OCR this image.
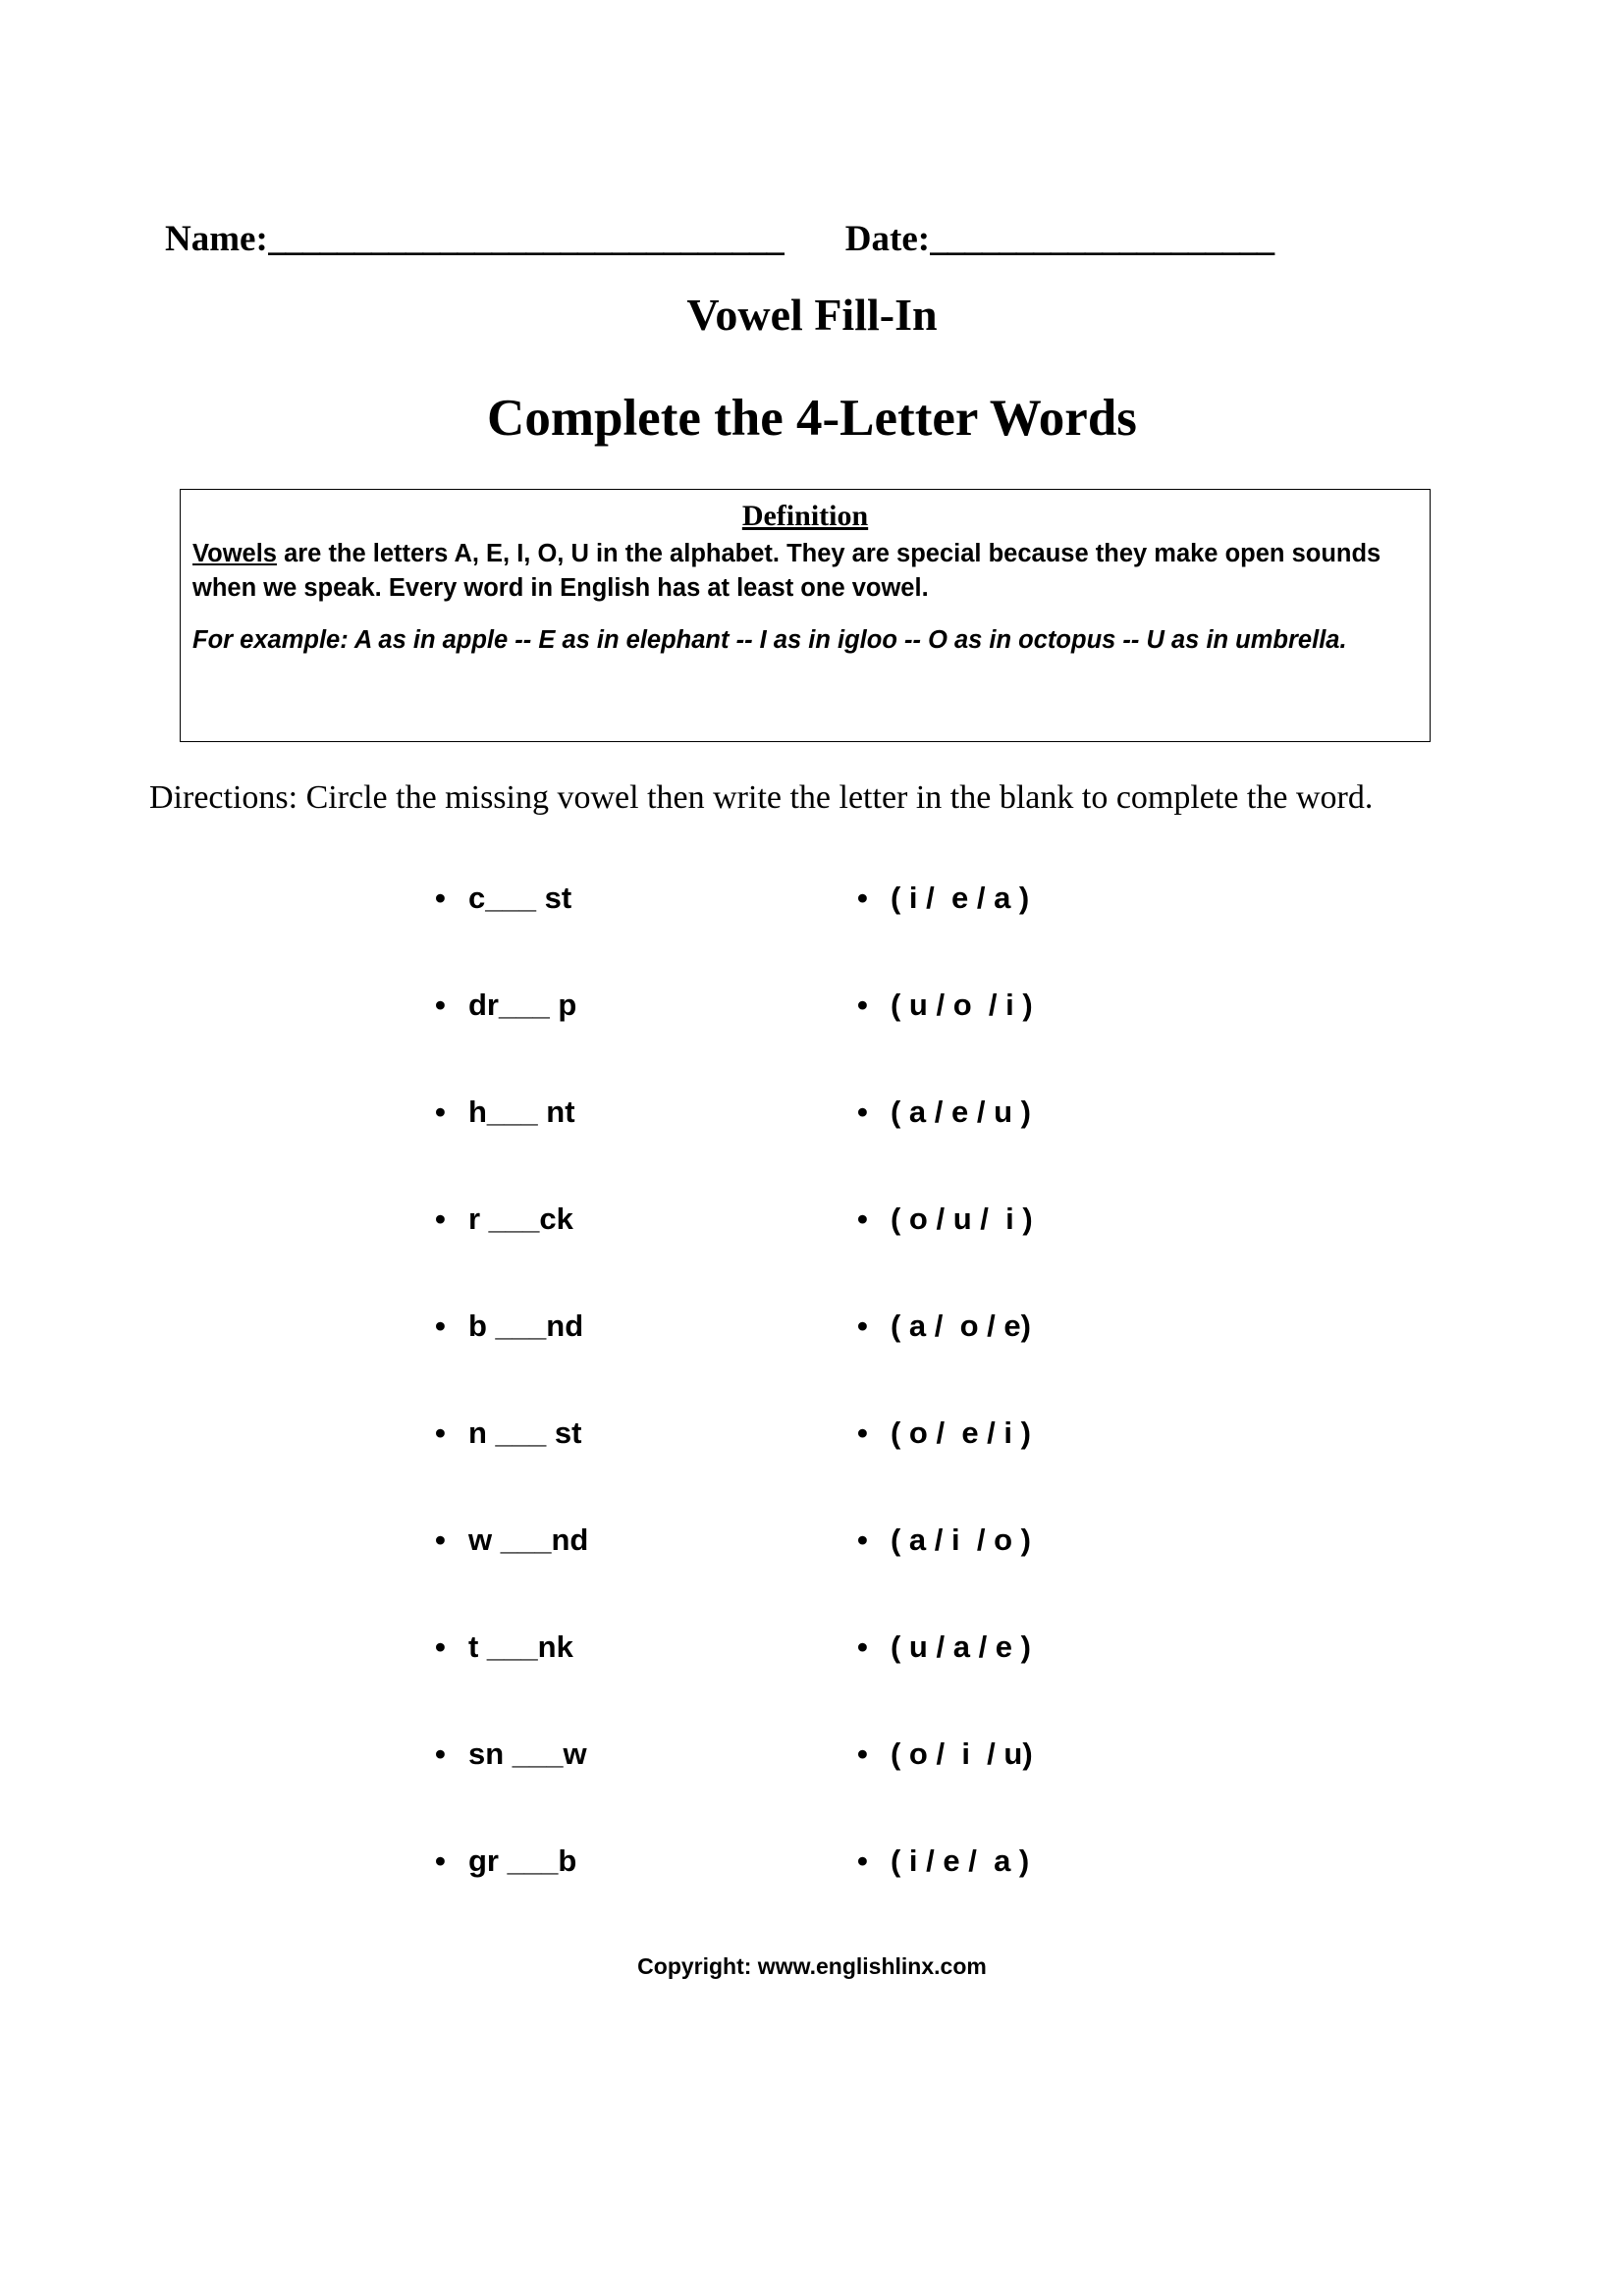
Name: ______________________________	Date: ____________________
Vowel Fill-In
Complete the 4-Letter Words
Definition

Vowels are the letters A, E, I, O, U in the alphabet. They are special because they make open sounds when we speak. Every word in English has at least one vowel.

For example: A as in apple -- E as in elephant -- I as in igloo -- O as in octopus -- U as in umbrella.

Directions: Circle the missing vowel then write the letter in the blank to complete the word.
•
c___ st •	( i /  e / a )
•
dr___ p •	( u / o  / i )
•
h___ nt •	( a / e / u )
•
r ___ck •	( o / u /  i )
•
b ___nd •	( a /  o / e)
•
n ___ st •	( o /  e / i )
•
w ___nd •	( a / i  / o )
•
t ___nk •	( u / a / e )
•
sn ___w •	( o /  i  / u)
•
gr ___b •	( i / e /  a )
Copyright: www.englishlinx.com
